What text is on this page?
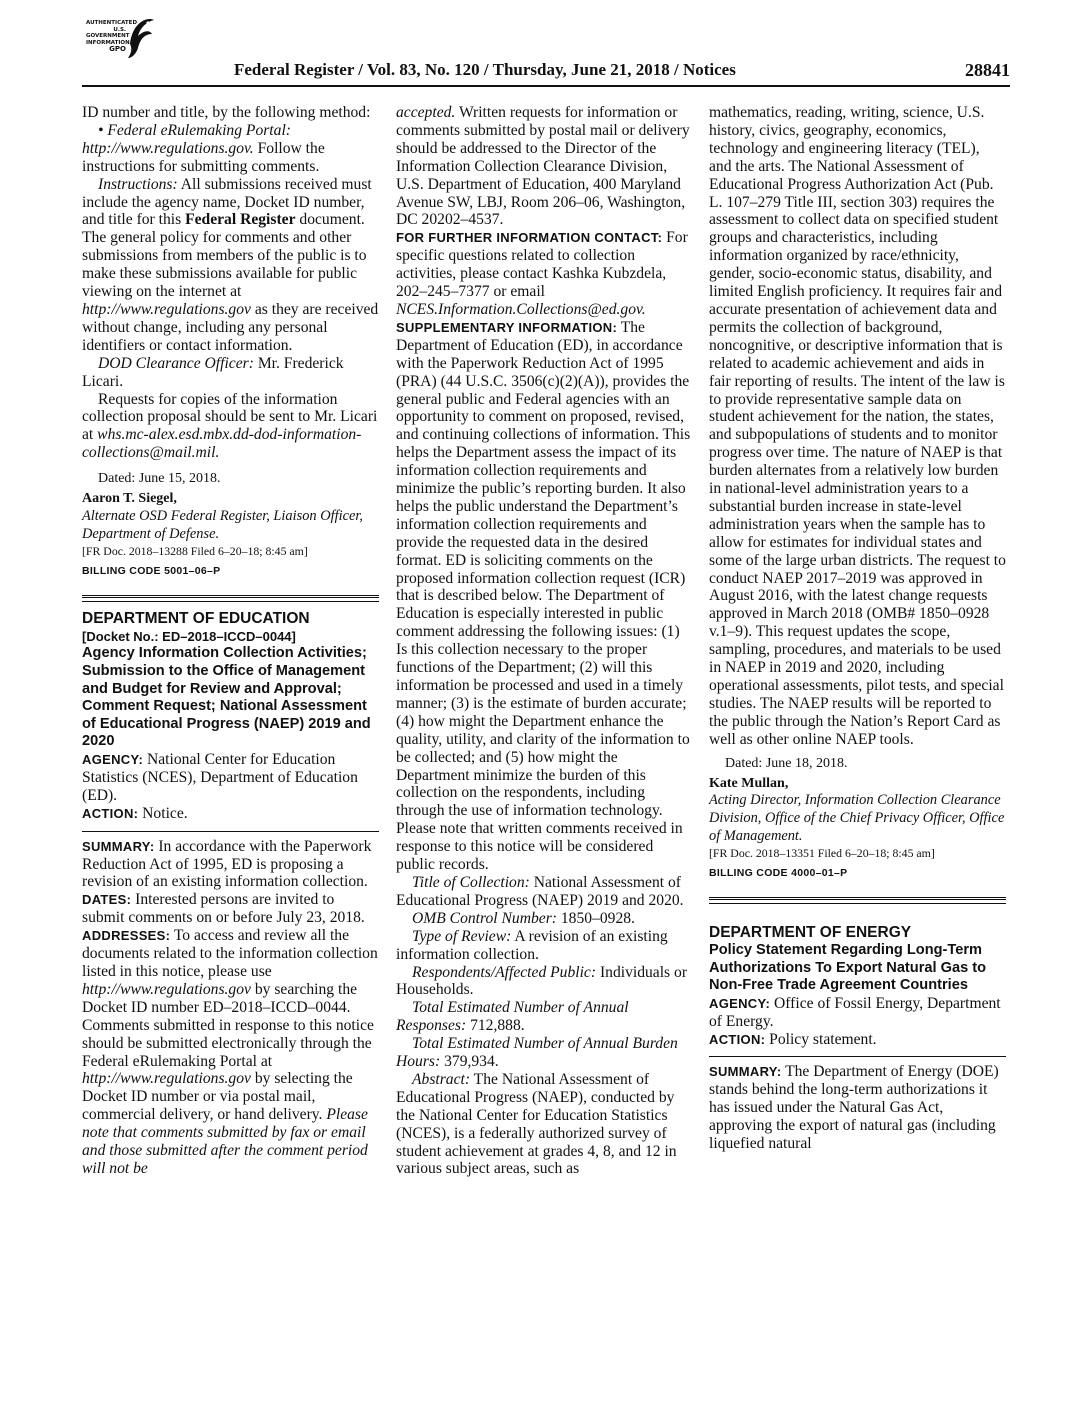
AUTHENTICATED
U.S. GOVERNMENT
INFORMATION
GPO
Federal Register / Vol. 83, No. 120 / Thursday, June 21, 2018 / Notices	28841

ID number and title, by the following method:

• Federal eRulemaking Portal: http://www.regulations.gov. Follow the instructions for submitting comments.

Instructions: All submissions received must include the agency name, Docket ID number, and title for this Federal Register document. The general policy for comments and other submissions from members of the public is to make these submissions available for public viewing on the internet at http://www.regulations.gov as they are received without change, including any personal identifiers or contact information.

DOD Clearance Officer: Mr. Frederick Licari.

Requests for copies of the information collection proposal should be sent to Mr. Licari at whs.mc-alex.esd.mbx.dd-dod-information-collections@mail.mil.

Dated: June 15, 2018.

Aaron T. Siegel,

Alternate OSD Federal Register, Liaison Officer, Department of Defense.

[FR Doc. 2018–13288 Filed 6–20–18; 8:45 am]

BILLING CODE 5001–06–P

DEPARTMENT OF EDUCATION

[Docket No.: ED–2018–ICCD–0044]

Agency Information Collection Activities; Submission to the Office of Management and Budget for Review and Approval; Comment Request; National Assessment of Educational Progress (NAEP) 2019 and 2020

AGENCY: National Center for Education Statistics (NCES), Department of Education (ED).

ACTION: Notice.

SUMMARY: In accordance with the Paperwork Reduction Act of 1995, ED is proposing a revision of an existing information collection.

DATES: Interested persons are invited to submit comments on or before July 23, 2018.

ADDRESSES: To access and review all the documents related to the information collection listed in this notice, please use http://www.regulations.gov by searching the Docket ID number ED–2018–ICCD–0044. Comments submitted in response to this notice should be submitted electronically through the Federal eRulemaking Portal at http://www.regulations.gov by selecting the Docket ID number or via postal mail, commercial delivery, or hand delivery. Please note that comments submitted by fax or email and those submitted after the comment period will not be

accepted. Written requests for information or comments submitted by postal mail or delivery should be addressed to the Director of the Information Collection Clearance Division, U.S. Department of Education, 400 Maryland Avenue SW, LBJ, Room 206–06, Washington, DC 20202–4537.

FOR FURTHER INFORMATION CONTACT: For specific questions related to collection activities, please contact Kashka Kubzdela, 202–245–7377 or email NCES.Information.Collections@ed.gov.

SUPPLEMENTARY INFORMATION: The Department of Education (ED), in accordance with the Paperwork Reduction Act of 1995 (PRA) (44 U.S.C. 3506(c)(2)(A)), provides the general public and Federal agencies with an opportunity to comment on proposed, revised, and continuing collections of information. This helps the Department assess the impact of its information collection requirements and minimize the public’s reporting burden. It also helps the public understand the Department’s information collection requirements and provide the requested data in the desired format. ED is soliciting comments on the proposed information collection request (ICR) that is described below. The Department of Education is especially interested in public comment addressing the following issues: (1) Is this collection necessary to the proper functions of the Department; (2) will this information be processed and used in a timely manner; (3) is the estimate of burden accurate; (4) how might the Department enhance the quality, utility, and clarity of the information to be collected; and (5) how might the Department minimize the burden of this collection on the respondents, including through the use of information technology. Please note that written comments received in response to this notice will be considered public records.

Title of Collection: National Assessment of Educational Progress (NAEP) 2019 and 2020.

OMB Control Number: 1850–0928.

Type of Review: A revision of an existing information collection.

Respondents/Affected Public: Individuals or Households.

Total Estimated Number of Annual Responses: 712,888.

Total Estimated Number of Annual Burden Hours: 379,934.

Abstract: The National Assessment of Educational Progress (NAEP), conducted by the National Center for Education Statistics (NCES), is a federally authorized survey of student achievement at grades 4, 8, and 12 in various subject areas, such as

mathematics, reading, writing, science, U.S. history, civics, geography, economics, technology and engineering literacy (TEL), and the arts. The National Assessment of Educational Progress Authorization Act (Pub. L. 107–279 Title III, section 303) requires the assessment to collect data on specified student groups and characteristics, including information organized by race/ethnicity, gender, socio-economic status, disability, and limited English proficiency. It requires fair and accurate presentation of achievement data and permits the collection of background, noncognitive, or descriptive information that is related to academic achievement and aids in fair reporting of results. The intent of the law is to provide representative sample data on student achievement for the nation, the states, and subpopulations of students and to monitor progress over time. The nature of NAEP is that burden alternates from a relatively low burden in national-level administration years to a substantial burden increase in state-level administration years when the sample has to allow for estimates for individual states and some of the large urban districts. The request to conduct NAEP 2017–2019 was approved in August 2016, with the latest change requests approved in March 2018 (OMB# 1850–0928 v.1–9). This request updates the scope, sampling, procedures, and materials to be used in NAEP in 2019 and 2020, including operational assessments, pilot tests, and special studies. The NAEP results will be reported to the public through the Nation’s Report Card as well as other online NAEP tools.

Dated: June 18, 2018.

Kate Mullan,

Acting Director, Information Collection Clearance Division, Office of the Chief Privacy Officer, Office of Management.

[FR Doc. 2018–13351 Filed 6–20–18; 8:45 am]

BILLING CODE 4000–01–P

DEPARTMENT OF ENERGY

Policy Statement Regarding Long-Term Authorizations To Export Natural Gas to Non-Free Trade Agreement Countries

AGENCY: Office of Fossil Energy, Department of Energy.

ACTION: Policy statement.

SUMMARY: The Department of Energy (DOE) stands behind the long-term authorizations it has issued under the Natural Gas Act, approving the export of natural gas (including liquefied natural
